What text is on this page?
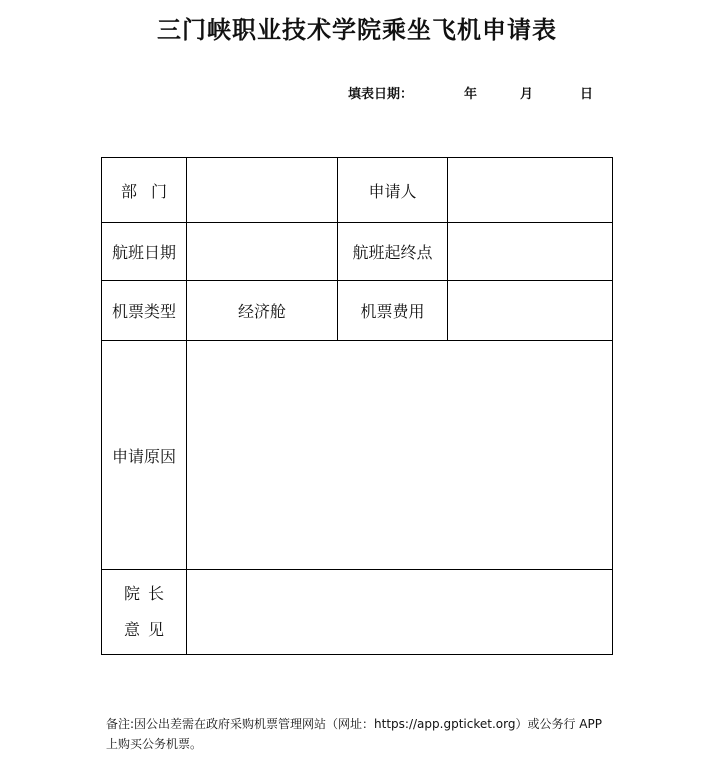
三门峡职业技术学院乘坐飞机申请表
填表日期：	年	月	日
部门		申请人	
航班日期		航班起终点	
机票类型	经济舱	机票费用	
申请原因			

院长
意见			

备注:因公出差需在政府采购机票管理网站（网址：https://app.gpticket.org）或公务行 APP 上购买公务机票。
